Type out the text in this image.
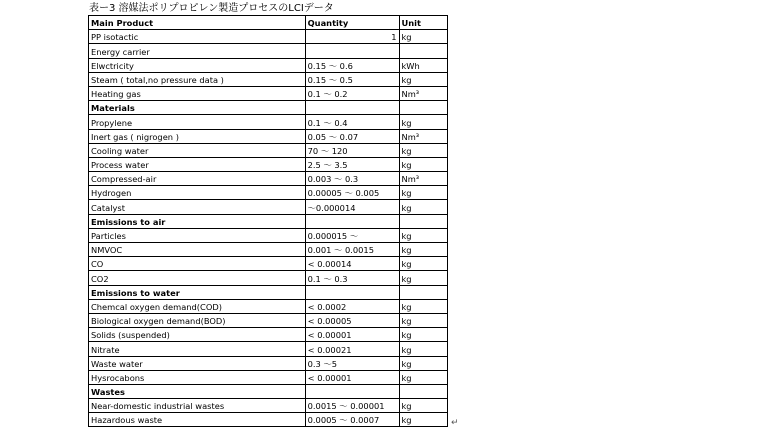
表ー3 溶媒法ポリプロピレン製造プロセスのLCIデータ
Main Product	Quantity	Unit
PP isotactic	1	kg
Energy carrier		
Elwctricity	0.15 ～ 0.6	kWh
Steam ( total,no pressure data )	0.15 ～ 0.5	kg
Heating gas	0.1 ～ 0.2	Nm³
Materials		
Propylene	0.1 ～ 0.4	kg
Inert gas ( nigrogen )	0.05 ～ 0.07	Nm³
Cooling water	70 ～ 120	kg
Process water	2.5 ～ 3.5	kg
Compressed-air	0.003 ～ 0.3	Nm³
Hydrogen	0.00005 ～ 0.005	kg
Catalyst	～0.000014	kg
Emissions to air		
Particles	0.000015 ～	kg
NMVOC	0.001 ～ 0.0015	kg
CO	< 0.00014	kg
CO2	0.1 ～ 0.3	kg
Emissions to water		
Chemcal oxygen demand(COD)	< 0.0002	kg
Biological oxygen demand(BOD)	< 0.00005	kg
Solids (suspended)	< 0.00001	kg
Nitrate	< 0.00021	kg
Waste water	0.3 ～5	kg
Hysrocabons	< 0.00001	kg
Wastes		
Near-domestic industrial wastes	0.0015 ～ 0.00001	kg
Hazardous waste	0.0005 ～ 0.0007	kg	↵
